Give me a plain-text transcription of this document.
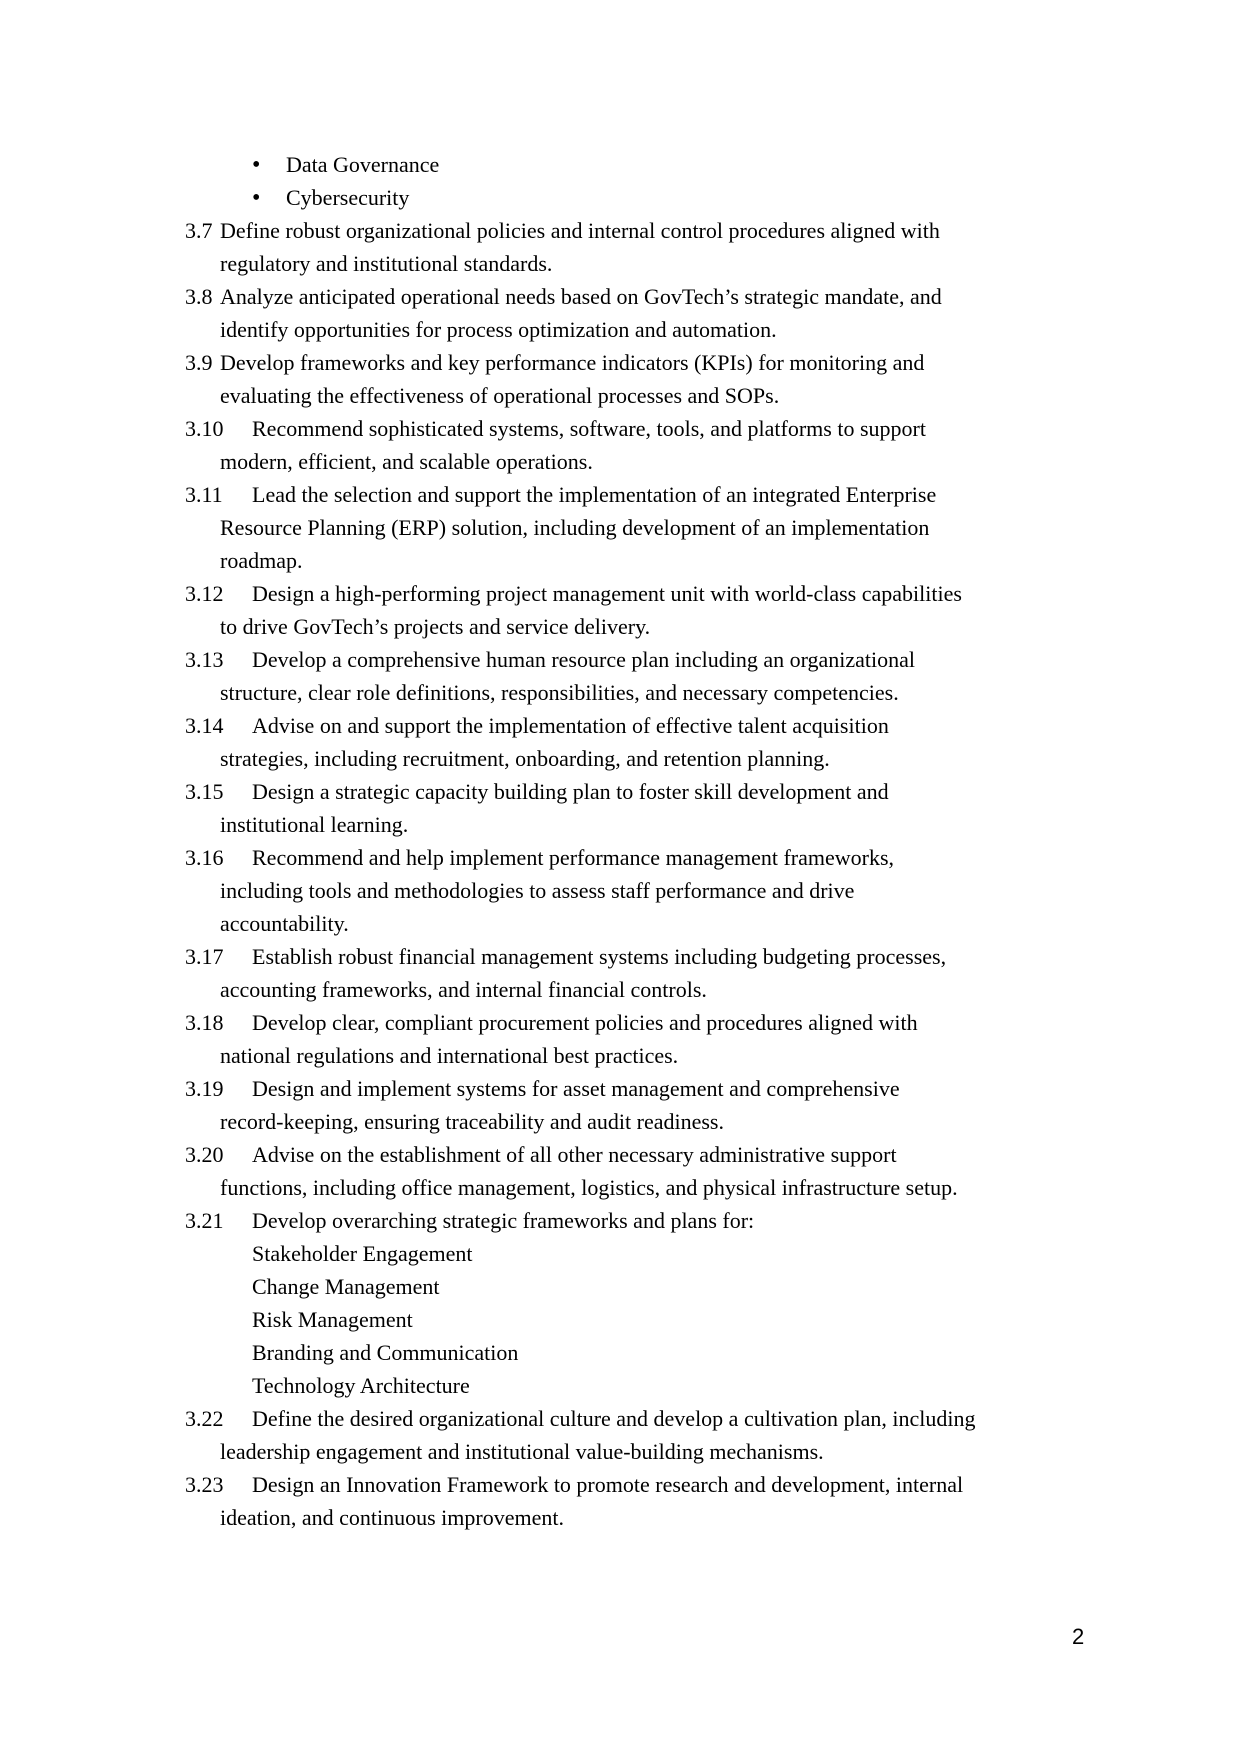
• Data Governance
• Cybersecurity
3.7 Define robust organizational policies and internal control procedures aligned with
regulatory and institutional standards.
3.8 Analyze anticipated operational needs based on GovTech’s strategic mandate, and
identify opportunities for process optimization and automation.
3.9 Develop frameworks and key performance indicators (KPIs) for monitoring and
evaluating the effectiveness of operational processes and SOPs.
3.10 Recommend sophisticated systems, software, tools, and platforms to support
modern, efficient, and scalable operations.
3.11 Lead the selection and support the implementation of an integrated Enterprise
Resource Planning (ERP) solution, including development of an implementation
roadmap.
3.12 Design a high-performing project management unit with world-class capabilities
to drive GovTech’s projects and service delivery.
3.13 Develop a comprehensive human resource plan including an organizational
structure, clear role definitions, responsibilities, and necessary competencies.
3.14 Advise on and support the implementation of effective talent acquisition
strategies, including recruitment, onboarding, and retention planning.
3.15 Design a strategic capacity building plan to foster skill development and
institutional learning.
3.16 Recommend and help implement performance management frameworks,
including tools and methodologies to assess staff performance and drive
accountability.
3.17 Establish robust financial management systems including budgeting processes,
accounting frameworks, and internal financial controls.
3.18 Develop clear, compliant procurement policies and procedures aligned with
national regulations and international best practices.
3.19 Design and implement systems for asset management and comprehensive
record-keeping, ensuring traceability and audit readiness.
3.20 Advise on the establishment of all other necessary administrative support
functions, including office management, logistics, and physical infrastructure setup.
3.21 Develop overarching strategic frameworks and plans for:
Stakeholder Engagement
Change Management
Risk Management
Branding and Communication
Technology Architecture
3.22 Define the desired organizational culture and develop a cultivation plan, including
leadership engagement and institutional value-building mechanisms.
3.23 Design an Innovation Framework to promote research and development, internal
ideation, and continuous improvement.
2
